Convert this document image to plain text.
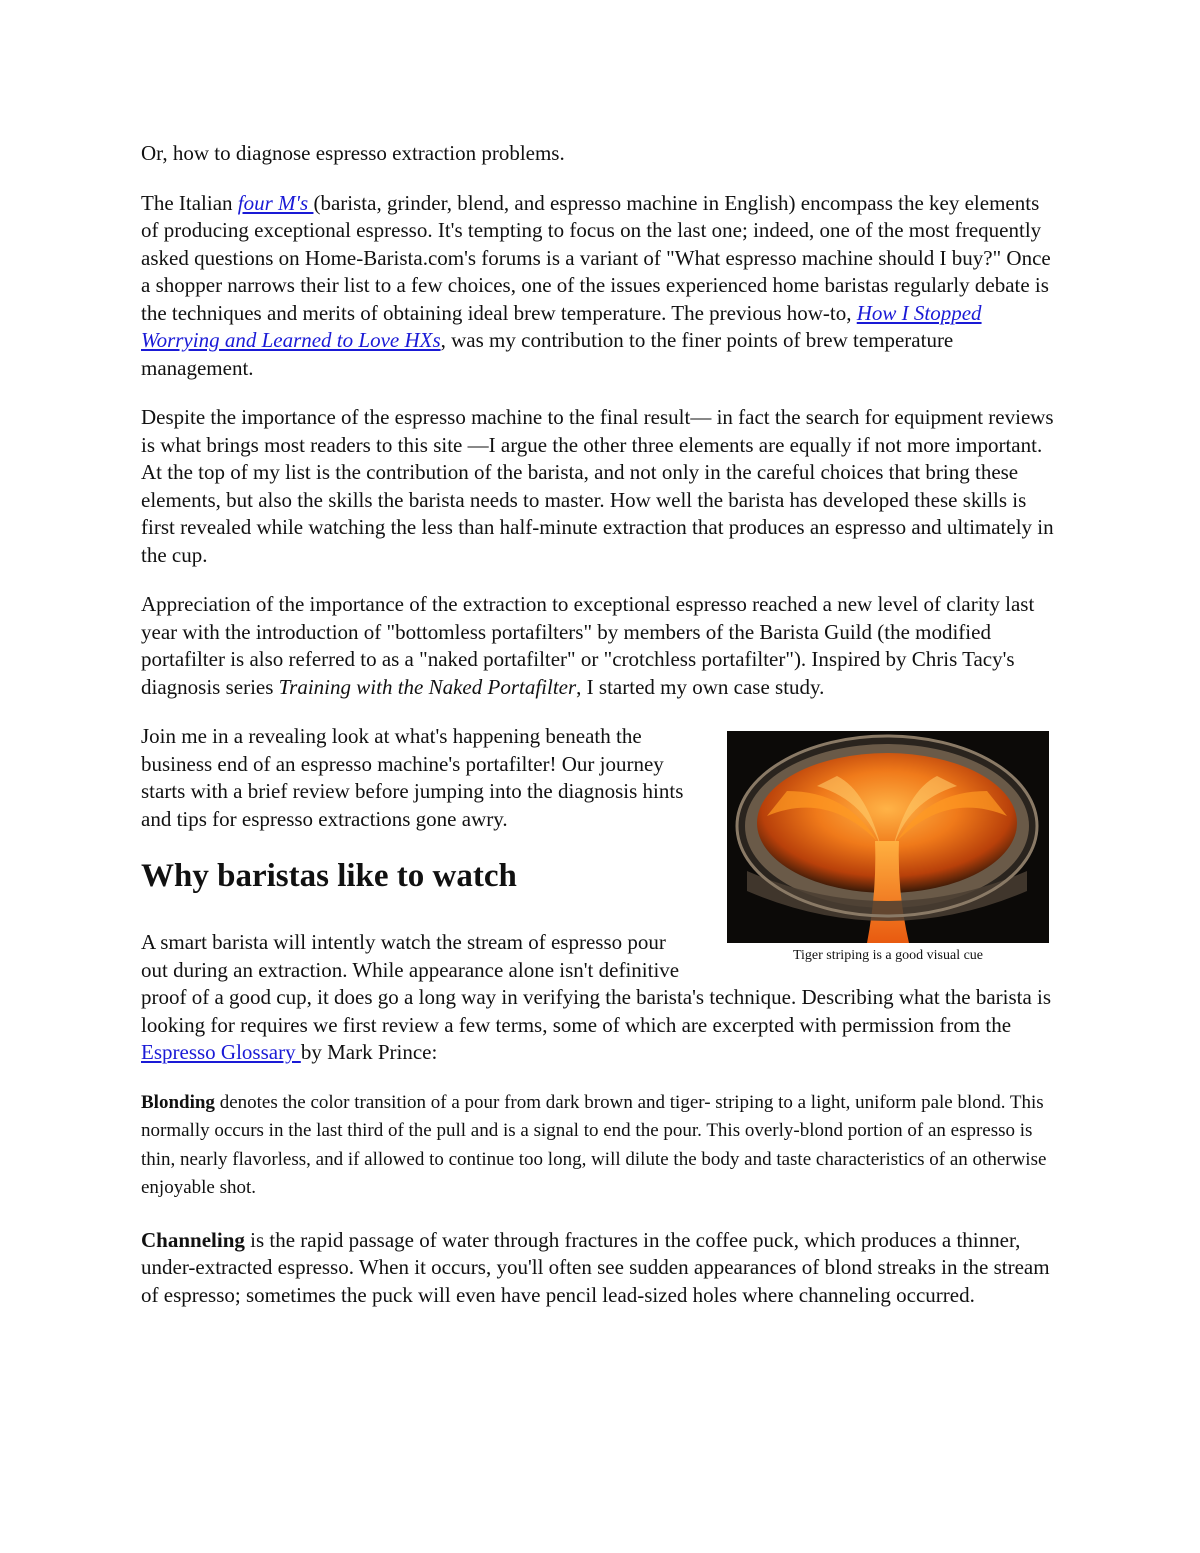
Or, how to diagnose espresso extraction problems.

The Italian four M's (barista, grinder, blend, and espresso machine in English) encompass the key elements of producing exceptional espresso. It's tempting to focus on the last one; indeed, one of the most frequently asked questions on Home-Barista.com's forums is a variant of "What espresso machine should I buy?" Once a shopper narrows their list to a few choices, one of the issues experienced home baristas regularly debate is the techniques and merits of obtaining ideal brew temperature. The previous how-to, How I Stopped Worrying and Learned to Love HXs, was my contribution to the finer points of brew temperature management.

Despite the importance of the espresso machine to the final result— in fact the search for equipment reviews is what brings most readers to this site —I argue the other three elements are equally if not more important. At the top of my list is the contribution of the barista, and not only in the careful choices that bring these elements, but also the skills the barista needs to master. How well the barista has developed these skills is first revealed while watching the less than half-minute extraction that produces an espresso and ultimately in the cup.

Appreciation of the importance of the extraction to exceptional espresso reached a new level of clarity last year with the introduction of "bottomless portafilters" by members of the Barista Guild (the modified portafilter is also referred to as a "naked portafilter" or "crotchless portafilter"). Inspired by Chris Tacy's diagnosis series Training with the Naked Portafilter, I started my own case study.

Tiger striping is a good visual cue

Join me in a revealing look at what's happening beneath the business end of an espresso machine's portafilter! Our journey starts with a brief review before jumping into the diagnosis hints and tips for espresso extractions gone awry.

Why baristas like to watch

A smart barista will intently watch the stream of espresso pour out during an extraction. While appearance alone isn't definitive proof of a good cup, it does go a long way in verifying the barista's technique. Describing what the barista is looking for requires we first review a few terms, some of which are excerpted with permission from the Espresso Glossary by Mark Prince:

Blonding denotes the color transition of a pour from dark brown and tiger- striping to a light, uniform pale blond. This normally occurs in the last third of the pull and is a signal to end the pour. This overly-blond portion of an espresso is thin, nearly flavorless, and if allowed to continue too long, will dilute the body and taste characteristics of an otherwise enjoyable shot.

Channeling is the rapid passage of water through fractures in the coffee puck, which produces a thinner, under-extracted espresso. When it occurs, you'll often see sudden appearances of blond streaks in the stream of espresso; sometimes the puck will even have pencil lead-sized holes where channeling occurred.
